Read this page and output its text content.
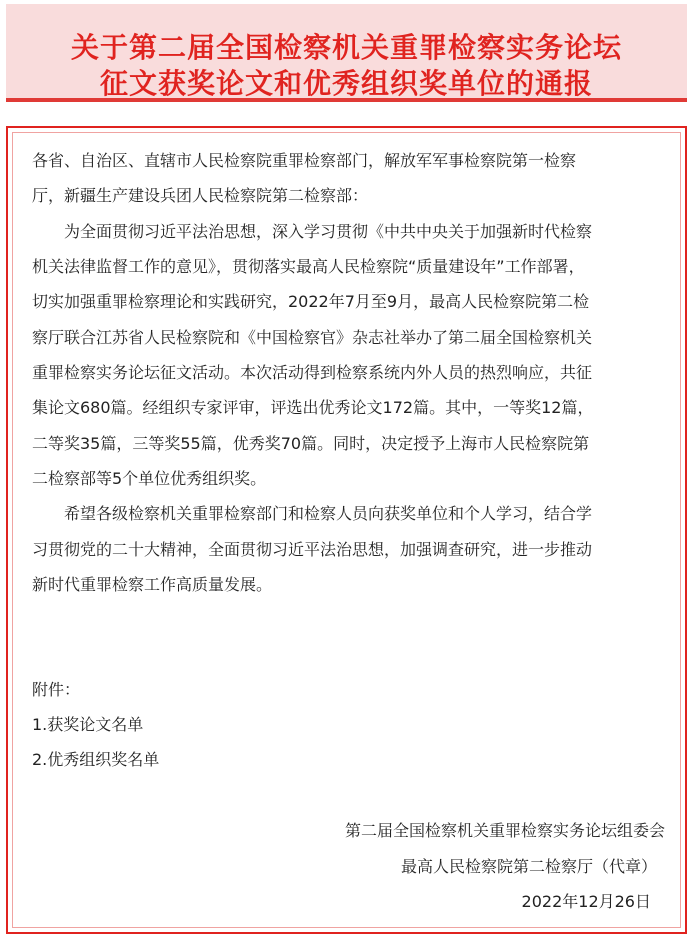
关于第二届全国检察机关重罪检察实务论坛
征文获奖论文和优秀组织奖单位的通报
各省、自治区、直辖市人民检察院重罪检察部门，解放军军事检察院第一检察
厅，新疆生产建设兵团人民检察院第二检察部：
　　为全面贯彻习近平法治思想，深入学习贯彻《中共中央关于加强新时代检察
机关法律监督工作的意见》，贯彻落实最高人民检察院“质量建设年”工作部署，
切实加强重罪检察理论和实践研究，2022年7月至9月，最高人民检察院第二检
察厅联合江苏省人民检察院和《中国检察官》杂志社举办了第二届全国检察机关
重罪检察实务论坛征文活动。本次活动得到检察系统内外人员的热烈响应，共征
集论文680篇。经组织专家评审，评选出优秀论文172篇。其中，一等奖12篇，
二等奖35篇，三等奖55篇，优秀奖70篇。同时，决定授予上海市人民检察院第
二检察部等5个单位优秀组织奖。
　　希望各级检察机关重罪检察部门和检察人员向获奖单位和个人学习，结合学
习贯彻党的二十大精神，全面贯彻习近平法治思想，加强调查研究，进一步推动
新时代重罪检察工作高质量发展。
附件：
1.获奖论文名单
2.优秀组织奖名单
第二届全国检察机关重罪检察实务论坛组委会
最高人民检察院第二检察厅（代章）
2022年12月26日
